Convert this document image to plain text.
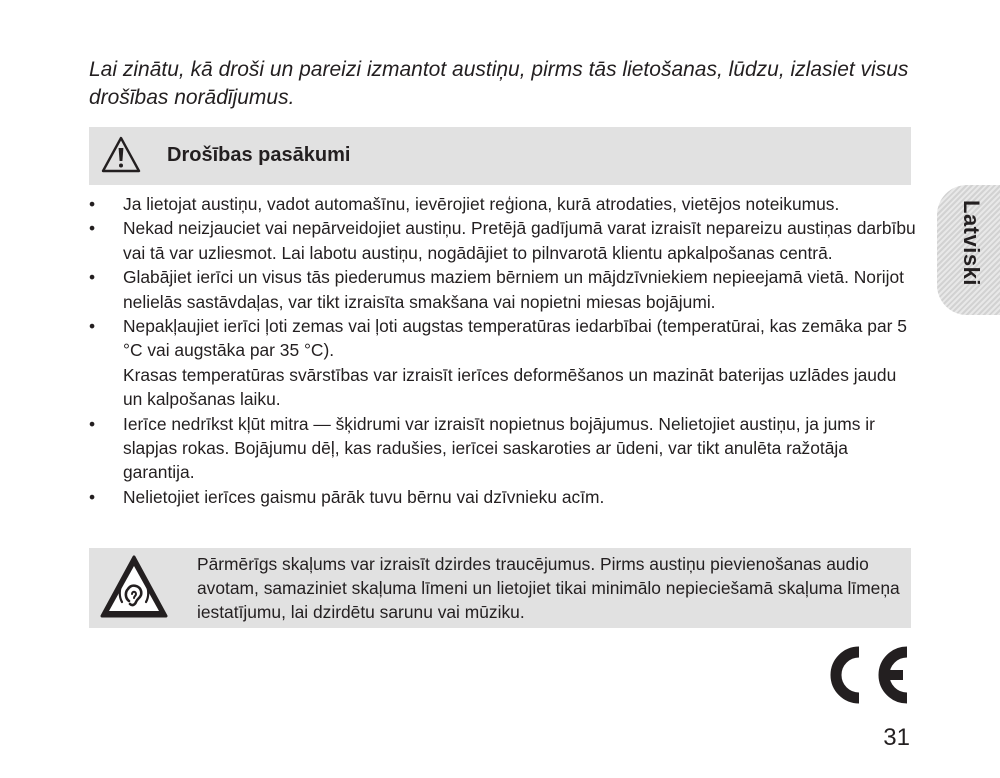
Lai zinātu, kā droši un pareizi izmantot austiņu, pirms tās lietošanas, lūdzu, izlasiet visus drošības norādījumus.
Drošības pasākumi
• Ja lietojat austiņu, vadot automašīnu, ievērojiet reģiona, kurā atrodaties, vietējos noteikumus.

• Nekad neizjauciet vai nepārveidojiet austiņu. Pretējā gadījumā varat izraisīt nepareizu austiņas darbību vai tā var uzliesmot. Lai labotu austiņu, nogādājiet to pilnvarotā klientu apkalpošanas centrā.

• Glabājiet ierīci un visus tās piederumus maziem bērniem un mājdzīvniekiem nepieejamā vietā. Norijot nelielās sastāvdaļas, var tikt izraisīta smakšana vai nopietni miesas bojājumi.

• Nepakļaujiet ierīci ļoti zemas vai ļoti augstas temperatūras iedarbībai (temperatūrai, kas zemāka par 5 °C vai augstāka par 35 °C).

Krasas temperatūras svārstības var izraisīt ierīces deformēšanos un mazināt baterijas uzlādes jaudu un kalpošanas laiku.

• Ierīce nedrīkst kļūt mitra — šķidrumi var izraisīt nopietnus bojājumus. Nelietojiet austiņu, ja jums ir slapjas rokas. Bojājumu dēļ, kas radušies, ierīcei saskaroties ar ūdeni, var tikt anulēta ražotāja garantija.

• Nelietojiet ierīces gaismu pārāk tuvu bērnu vai dzīvnieku acīm.

Pārmērīgs skaļums var izraisīt dzirdes traucējumus. Pirms austiņu pievienošanas audio avotam, samaziniet skaļuma līmeni un lietojiet tikai minimālo nepieciešamā skaļuma līmeņa iestatījumu, lai dzirdētu sarunu vai mūziku.
Latviski
31
